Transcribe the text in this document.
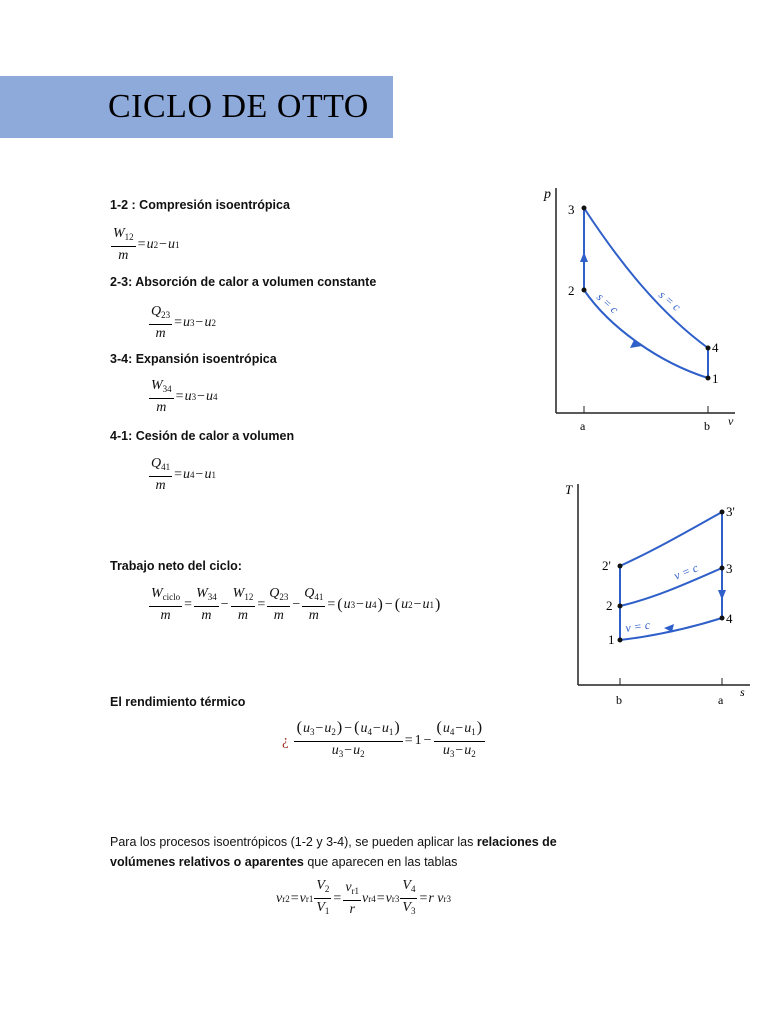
CICLO DE OTTO
1-2 : Compresión isoentrópica
$\frac{W_{12}}{m} = u$ 2 − u 1
2-3: Absorción de calor a volumen constante
$\frac{Q_{23}}{m} = u$ 3 − u 2
3-4: Expansión isoentrópica
$\frac{W_{34}}{m} = u$ 3 − u 4
4-1: Cesión de calor a volumen
$\frac{Q_{41}}{m} = u$ 4 − u 1
Trabajo neto del ciclo:
$\frac{W_{ciclo}}{m} = \frac{W_{34}}{m} - \frac{W_{12}}{m} = \frac{Q_{23}}{m} - \frac{Q_{41}}{m}$ = ( u 3 − u 4 ) − ( u 2 − u 1 )
El rendimiento térmico
¿ $\frac{(u_3-u_2) - (u_4-u_1)}{u_3-u_2} = 1 - \frac{(u_4-u_1)}{u_3-u_2}$
Para los procesos isoentrópicos (1-2 y 3-4), se pueden aplicar las relaciones de volúmenes relativos o aparentes que aparecen en las tablas
v r2 = v $r1 \frac{V_2}{V_1} = \frac{v_{r1}}{r}$ v r4 = v $r3 \frac{V_4}{V_3} = r$ v r3
p
v
a	b
3
2
4
1
s = c
s = c
T
s
b	a
1
2
2'	3
3'
4
v = c
v = c
